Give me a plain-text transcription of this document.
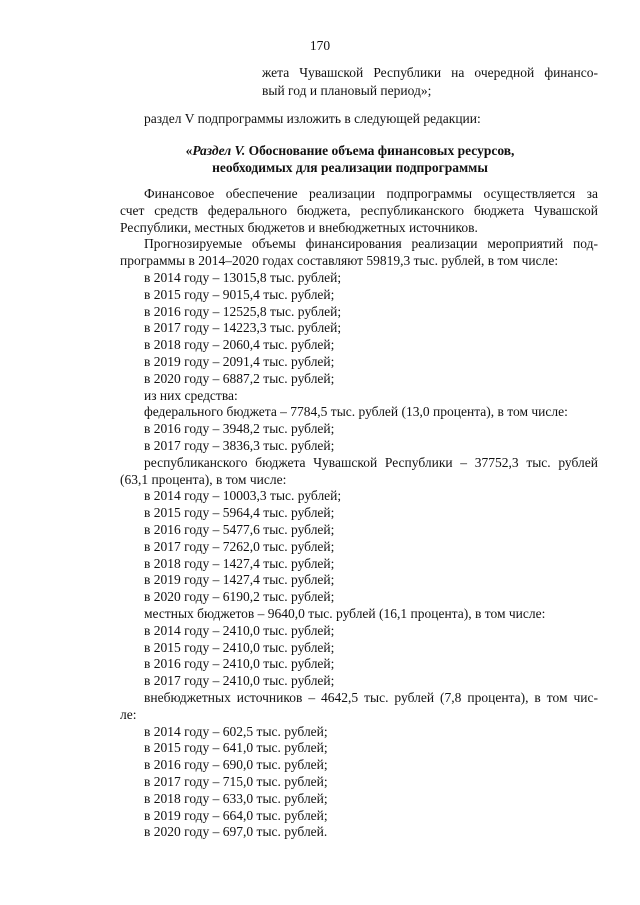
170
жета Чувашской Республики на очередной финансо-
вый год и плановый период»;
раздел V подпрограммы изложить в следующей редакции:
«Раздел V. Обоснование объема финансовых ресурсов,
необходимых для реализации подпрограммы
Финансовое обеспечение реализации подпрограммы осуществляется за
счет средств федерального бюджета, республиканского бюджета Чувашской
Республики, местных бюджетов и внебюджетных источников.
Прогнозируемые объемы финансирования реализации мероприятий под-
программы в 2014–2020 годах составляют 59819,3 тыс. рублей, в том числе:
в 2014 году – 13015,8 тыс. рублей;
в 2015 году – 9015,4 тыс. рублей;
в 2016 году – 12525,8 тыс. рублей;
в 2017 году – 14223,3 тыс. рублей;
в 2018 году – 2060,4 тыс. рублей;
в 2019 году – 2091,4 тыс. рублей;
в 2020 году – 6887,2 тыс. рублей;
из них средства:
федерального бюджета – 7784,5 тыс. рублей (13,0 процента), в том числе:
в 2016 году – 3948,2 тыс. рублей;
в 2017 году – 3836,3 тыс. рублей;
республиканского бюджета Чувашской Республики – 37752,3 тыс. рублей
(63,1 процента), в том числе:
в 2014 году – 10003,3 тыс. рублей;
в 2015 году – 5964,4 тыс. рублей;
в 2016 году – 5477,6 тыс. рублей;
в 2017 году – 7262,0 тыс. рублей;
в 2018 году – 1427,4 тыс. рублей;
в 2019 году – 1427,4 тыс. рублей;
в 2020 году – 6190,2 тыс. рублей;
местных бюджетов – 9640,0 тыс. рублей (16,1 процента), в том числе:
в 2014 году – 2410,0 тыс. рублей;
в 2015 году – 2410,0 тыс. рублей;
в 2016 году – 2410,0 тыс. рублей;
в 2017 году – 2410,0 тыс. рублей;
внебюджетных источников – 4642,5 тыс. рублей (7,8 процента), в том чис-
ле:
в 2014 году – 602,5 тыс. рублей;
в 2015 году – 641,0 тыс. рублей;
в 2016 году – 690,0 тыс. рублей;
в 2017 году – 715,0 тыс. рублей;
в 2018 году – 633,0 тыс. рублей;
в 2019 году – 664,0 тыс. рублей;
в 2020 году – 697,0 тыс. рублей.
